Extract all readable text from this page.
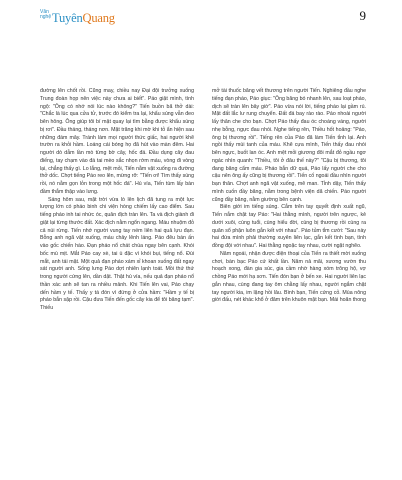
Văn
nghệ TuyênQuang	9

đường lên chốt rồi. Cũng may, chiều nay Đại đội trưởng xuống Trung đoàn họp nên việc này chưa ai biết". Páo giật mình, tình ngộ: "Ông có nhớ nói lúc nào không?" Tiến buồn bã thở dài: "Chắc là lúc qua cửa tử, trước đó kiểm tra lại, khẩu súng vẫn đeo bên hông. Ông giúp tôi bí mật quay lại tìm bằng được khẩu súng bị rơi". Đầu tháng, tháng nơn. Mặt trăng khi mờ khi tỏ ẩn hiện sau những đám mây. Tránh làm mọi người thức giấc, hai người khẽ trườn ra khỏi hầm. Loáng cái bóng họ đã hút vào màn đêm. Hai người dò dẫm lần mò từng bờ cây, hốc đá. Đầu dụng cây đau điếng, tay chạm vào đá tai mèo sắc nhọn rớm máu, vòng đi vòng lại, chẳng thấy gì. Lo lắng, mệt mỏi, Tiến nằm vật xuống ra đường thở dốc. Chợt tiếng Páo reo lên, mừng rỡ: "Tiến ơi! Tìm thấy súng rồi, nó nằm gọn lỏn trong một hốc đá". Hú vía, Tiến tùm lấy bàn đầm thắm thập vào lưng.

Sáng hôm sau, mặt trời vừa lò lên lịch đã tung ra một lực lượng lớn có pháo binh chi viện hòng chiếm lấy cao điểm. Sau tiếng pháo inh tai nhức óc, quân địch tràn lên. Ta và địch giành đi giật lại từng thước đất. Xác địch nằm ngổn ngang. Máu nhuộm đỏ cả núi rừng. Tiến nhớ người vung tay ném liên hai quả lựu đạn. Bỗng anh ngã vật xuống, máu chảy lênh láng. Páo đêu bán ấn vào gốc chiến hào. Đạn pháo nổ chát chúa ngay bên cạnh. Khói bốc mù mịt. Mắt Páo cay xè, tai ù đặc vì khói bụi, tiếng nổ. Đùi mắt, anh tái mặt. Một quả đạn pháo xám xỉ khoan xuống đất ngay sát người anh. Sống lưng Páo dợt nhiên lạnh toát. Mồi thứ thứ trong người cứng lên, dần dật. Thật hú vía, nếu quả đạn pháo nổ thần xác anh sẽ tan ra nhiều mảnh. Khi Tiến lên vai, Páo chạy dến hầm y tế. Thấy y tá đón vì đứng ở cửa hầm: "Hầm y tế bị pháo bắn sập rồi. Cậu đưa Tiến đến gốc cây kia để tôi băng tạm". Thiếu

mở tài thuốc băng vết thương trên người Tiến. Nghiêng đầu nghe tiếng đạn pháo, Páo giục: "Ông băng bó nhanh lên, sau loạt pháo, dịch sẽ tràn lên bây giờ". Páo vừa nói lời, tiếng pháo lại gầm rú. Mặt đất lắc lư rung chuyển. Đất đá bay rào rào. Páo nhoài người lấy thân che cho bạn. Chợt Páo thấy đau óc choáng váng, người nhẹ bỗng, ngực đau nhói. Nghe tiếng rên, Thiều hốt hoảng: "Páo, ông bị thương rồi". Tiếng rên của Páo đã làm Tiến tỉnh lại. Anh ngồi thấy mùi tanh của máu. Khẽ cựa mình, Tiến thấy đau nhói bên ngực, buốt lan óc. Anh mệt mỏi giương đôi mắt đỏ ngầu ngơ ngác nhìn quanh: "Thiều, tôi ở đâu thế này?" "Cậu bị thương, tôi đang băng cẩm máu. Pháo bắn dữ quá, Páo lấy người che cho cậu nên ông ấy cũng bị thương rồi". Tiến cố ngoái đầu nhìn người bạn thân. Chợt anh ngã vật xuống, mê man. Tỉnh dậy, Tiến thấy mình cuốn đầy băng, nằm trong bệnh viện dã chiến. Páo người cũng đầy băng, nằm giường bên cạnh.

Biên giới im tiếng súng. Cắm trên tay quyết định xuất ngũ, Tiến nắm chặt tay Páo: "Hai thằng mình, người trên ngược, kẻ dưới xuôi, cùng tuổi, cùng hiểu đời, cùng bị thương rồi cùng ra quân sổ phận luôn gắn kết với nhau". Páo tủm tỉm cười: "Sau này hai đứa mình phải thường xuyên liên lạc, gắn kết tình bạn, tình đồng đội với nhau". Hai thằng ngoặc tay nhau, cười ngặt nghẽo.

Năm ngoái, nhận được điện thoại của Tiến ra thiết mời xuống chơi, bàn bạc Páo cứ khất lần. Năm nả mãi, xương vườn thu hoạch xong, đàn gia súc, gia cầm nhờ hàng xóm trông hộ, vợ chồng Páo mới hạ sơn. Tiến đón bạn ở bến xe. Hai người liên lạc gắn nhau, cùng đang tay ôm chằng lấy nhau, người ngắm chặt tay người kia, im lặng hồi lâu. Bình bạn, Tiến cứng cỏ. Mùa nông giời đấu, nét khác khổ ở đâm trên khuôn mặt bạn. Mái hoãn thong
